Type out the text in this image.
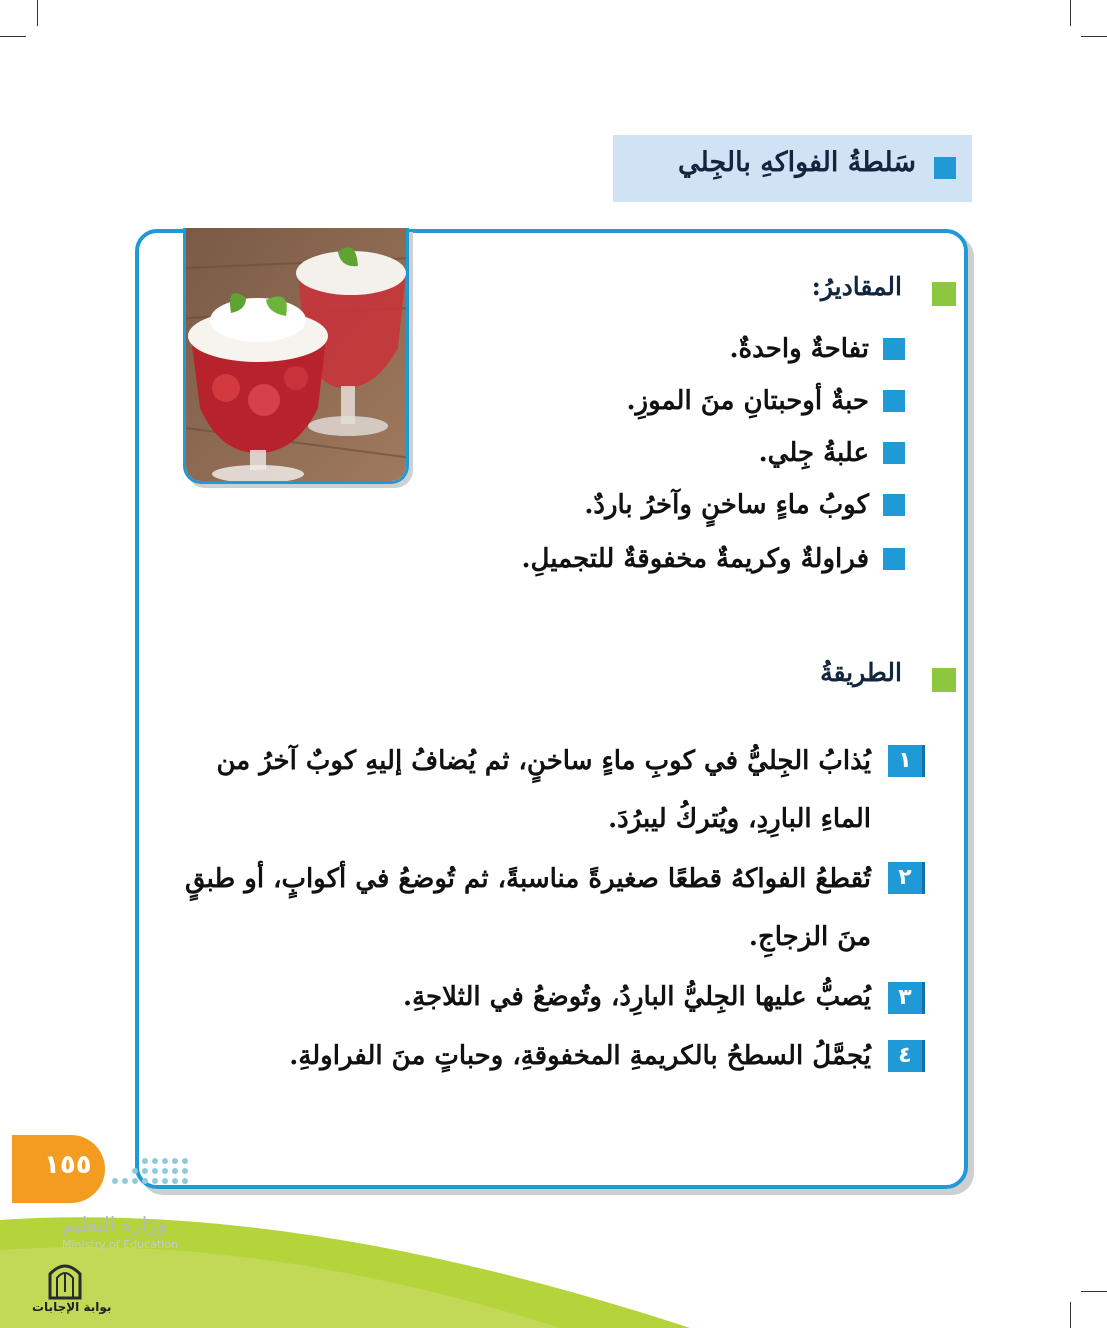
سَلطةُ الفواكهِ بالجِلي
المقاديرُ:
تفاحةٌ واحدةٌ.
حبةٌ أوحبتانِ منَ الموزِ.
علبةُ جِلي.
كوبُ ماءٍ ساخنٍ وآخرُ باردٌ.
فراولةٌ وكريمةٌ مخفوقةٌ للتجميلِ.
الطريقةُ
١
يُذابُ الجِليُّ في كوبِ ماءٍ ساخنٍ، ثم يُضافُ إليهِ كوبٌ آخرُ من الماءِ البارِدِ، ويُتركُ ليبرُدَ.
٢
تُقطعُ الفواكهُ قطعًا صغيرةً مناسبةً، ثم تُوضعُ في أكوابٍ، أو طبقٍ منَ الزجاجِ.
٣
يُصبُّ عليها الجِليُّ البارِدُ، وتُوضعُ في الثلاجةِ.
٤
يُجمَّلُ السطحُ بالكريمةِ المخفوقةِ، وحباتٍ منَ الفراولةِ.
١٥٥
وزارة التعليم
Ministry of Education
بوابة الإجابات
